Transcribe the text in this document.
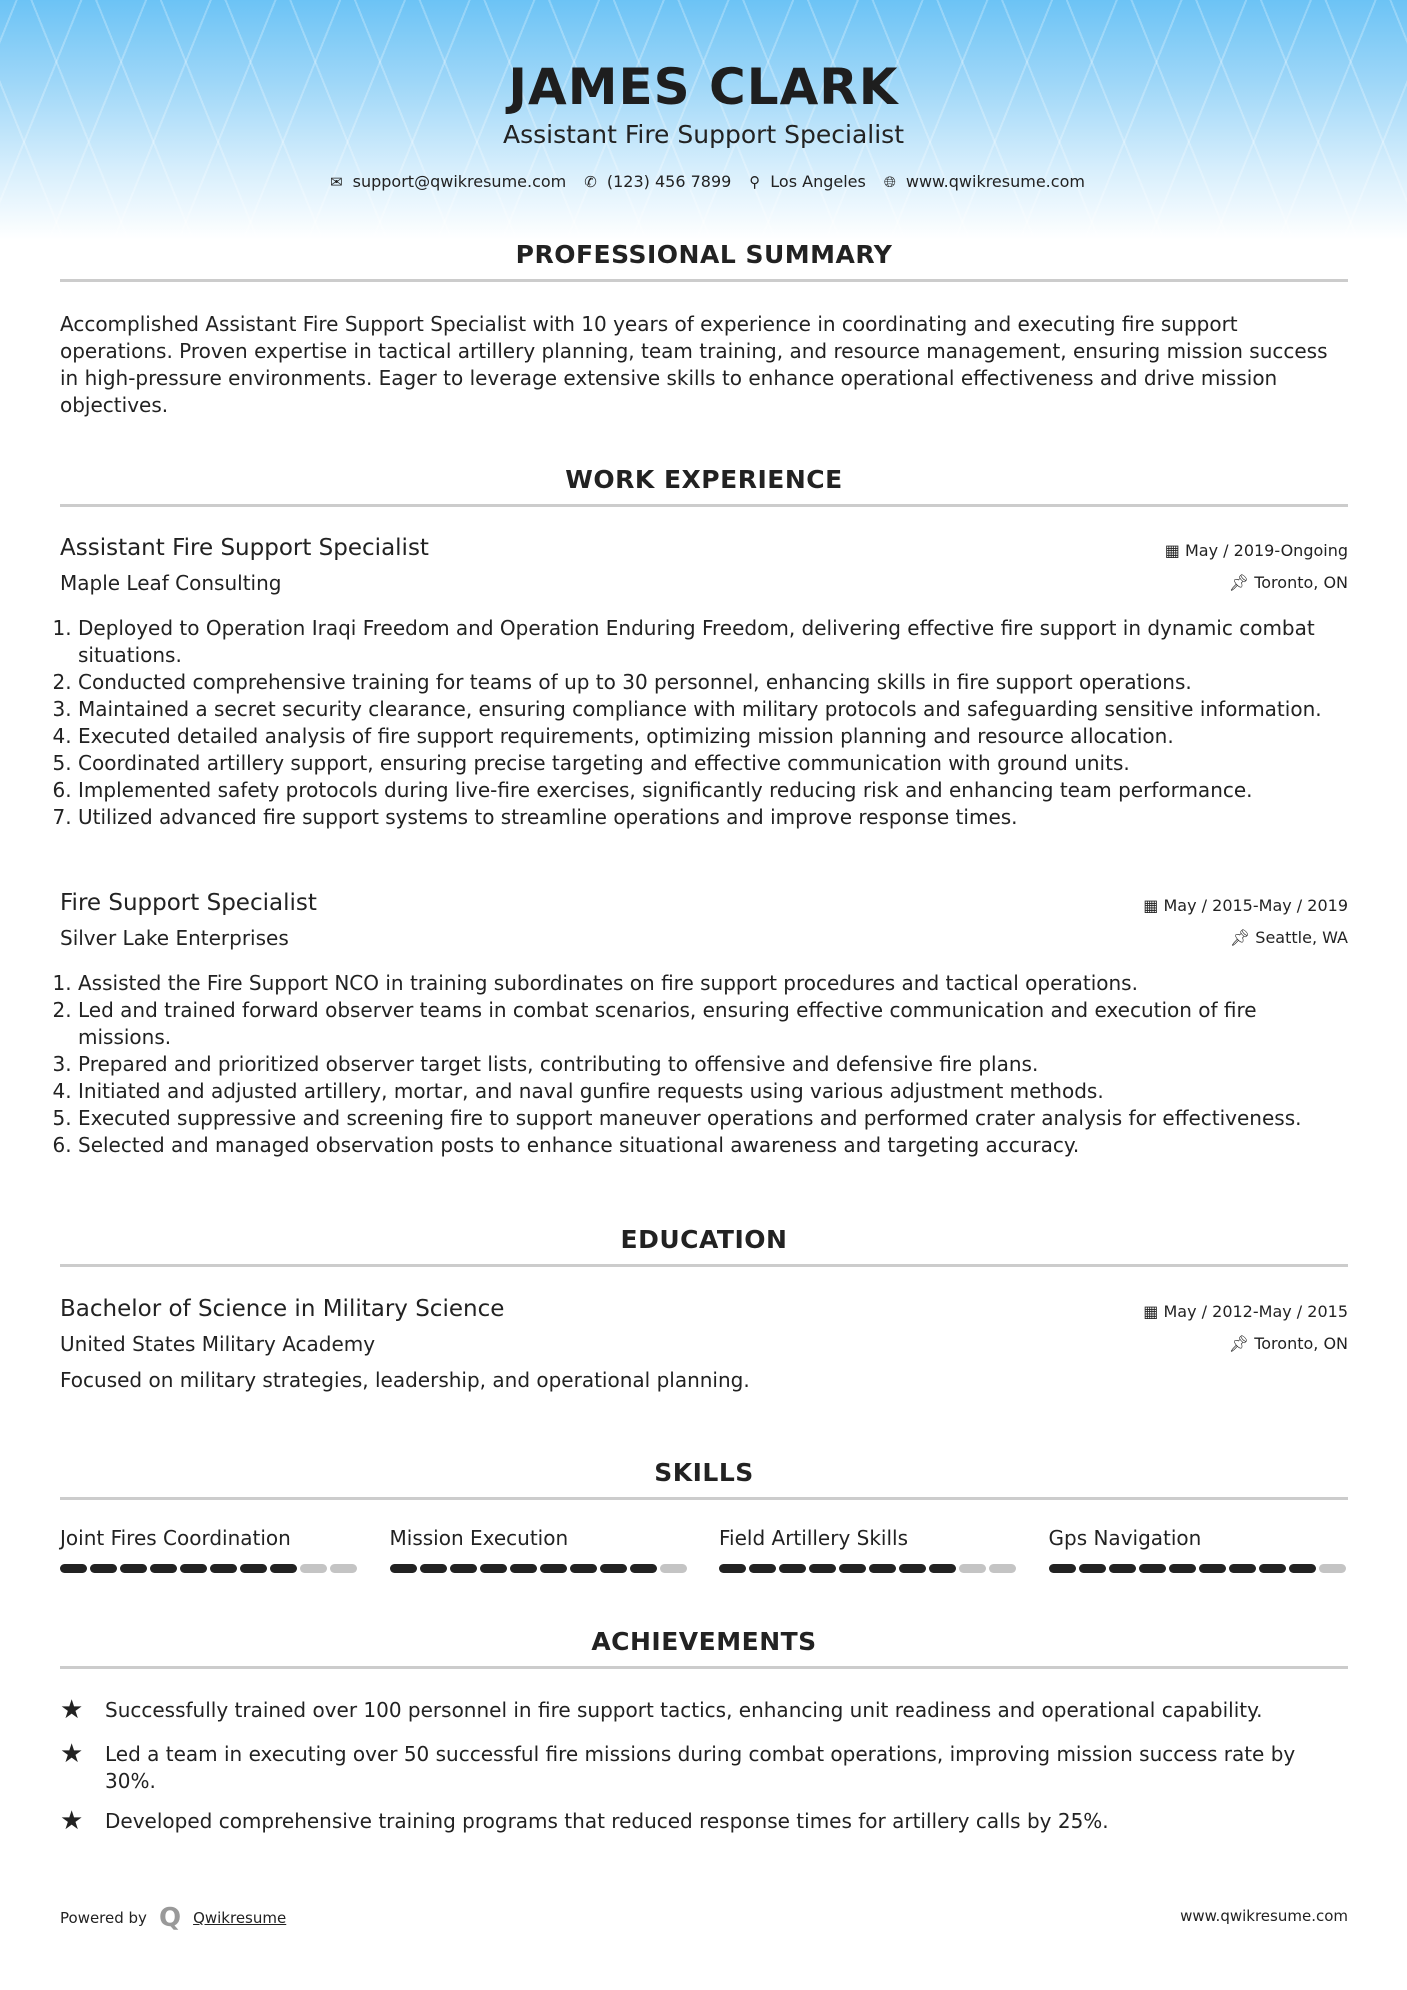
JAMES CLARK
Assistant Fire Support Specialist
✉ support@qwikresume.com ✆ (123) 456 7899 ⚲ Los Angeles 🌐︎ www.qwikresume.com
PROFESSIONAL SUMMARY

Accomplished Assistant Fire Support Specialist with 10 years of experience in coordinating and executing fire support operations. Proven expertise in tactical artillery planning, team training, and resource management, ensuring mission success in high-pressure environments. Eager to leverage extensive skills to enhance operational effectiveness and drive mission objectives.

WORK EXPERIENCE
Assistant Fire Support Specialist
Maple Leaf Consulting
▦ May / 2019-Ongoing
📌︎ Toronto, ON
1. Deployed to Operation Iraqi Freedom and Operation Enduring Freedom, delivering effective fire support in dynamic combat situations.
2. Conducted comprehensive training for teams of up to 30 personnel, enhancing skills in fire support operations.
3. Maintained a secret security clearance, ensuring compliance with military protocols and safeguarding sensitive information.
4. Executed detailed analysis of fire support requirements, optimizing mission planning and resource allocation.
5. Coordinated artillery support, ensuring precise targeting and effective communication with ground units.
6. Implemented safety protocols during live-fire exercises, significantly reducing risk and enhancing team performance.
7. Utilized advanced fire support systems to streamline operations and improve response times.
Fire Support Specialist
Silver Lake Enterprises
▦ May / 2015-May / 2019
📌︎ Seattle, WA
1. Assisted the Fire Support NCO in training subordinates on fire support procedures and tactical operations.
2. Led and trained forward observer teams in combat scenarios, ensuring effective communication and execution of fire missions.
3. Prepared and prioritized observer target lists, contributing to offensive and defensive fire plans.
4. Initiated and adjusted artillery, mortar, and naval gunfire requests using various adjustment methods.
5. Executed suppressive and screening fire to support maneuver operations and performed crater analysis for effectiveness.
6. Selected and managed observation posts to enhance situational awareness and targeting accuracy.
EDUCATION
Bachelor of Science in Military Science
United States Military Academy
Focused on military strategies, leadership, and operational planning.
▦ May / 2012-May / 2015
📌︎ Toronto, ON
SKILLS
Joint Fires Coordination	Mission Execution	Field Artillery Skills	Gps Navigation
ACHIEVEMENTS
★ Successfully trained over 100 personnel in fire support tactics, enhancing unit readiness and operational capability.
★ Led a team in executing over 50 successful fire missions during combat operations, improving mission success rate by 30%.
★ Developed comprehensive training programs that reduced response times for artillery calls by 25%.
Powered by Q Qwikresume	www.qwikresume.com
